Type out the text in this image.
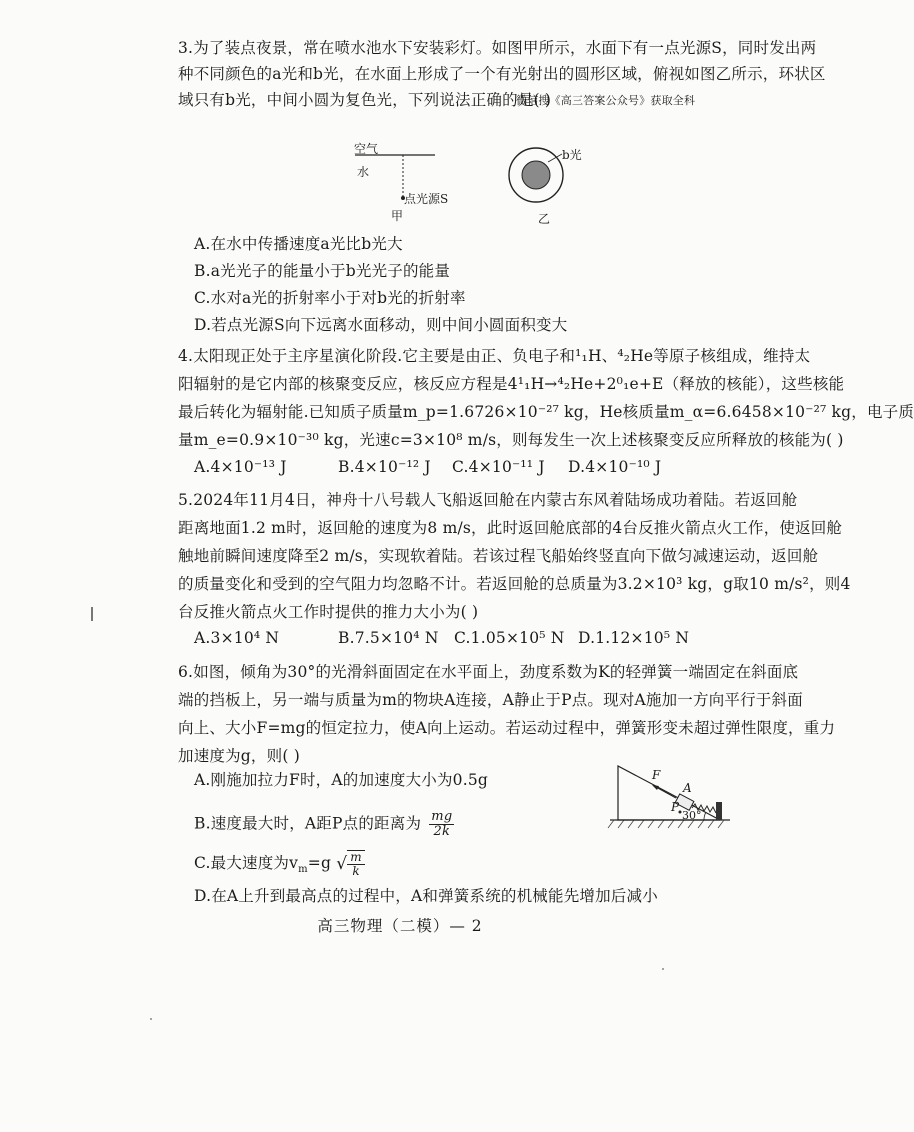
3.为了装点夜景，常在喷水池水下安装彩灯。如图甲所示，水面下有一点光源S，同时发出两
种不同颜色的a光和b光，在水面上形成了一个有光射出的圆形区域，俯视如图乙所示，环状区
域只有b光，中间小圆为复色光，下列说法正确的是( )
微信搜《高三答案公众号》获取全科
空气
水
点光源S
甲
b光
乙
A.在水中传播速度a光比b光大
B.a光光子的能量小于b光光子的能量
C.水对a光的折射率小于对b光的折射率
D.若点光源S向下远离水面移动，则中间小圆面积变大
4.太阳现正处于主序星演化阶段.它主要是由正、负电子和¹₁H、⁴₂He等原子核组成，维持太
阳辐射的是它内部的核聚变反应，核反应方程是4¹₁H→⁴₂He+2⁰₁e+E（释放的核能），这些核能
最后转化为辐射能.已知质子质量m_p=1.6726×10⁻²⁷ kg，He核质量m_α=6.6458×10⁻²⁷ kg，电子质
量m_e=0.9×10⁻³⁰ kg，光速c=3×10⁸ m/s，则每发生一次上述核聚变反应所释放的核能为( )
A.4×10⁻¹³ J	B.4×10⁻¹² J C.4×10⁻¹¹ J D.4×10⁻¹⁰ J
5.2024年11月4日，神舟十八号载人飞船返回舱在内蒙古东风着陆场成功着陆。若返回舱
距离地面1.2 m时，返回舱的速度为8 m/s，此时返回舱底部的4台反推火箭点火工作，使返回舱
触地前瞬间速度降至2 m/s，实现软着陆。若该过程飞船始终竖直向下做匀减速运动，返回舱
的质量变化和受到的空气阻力均忽略不计。若返回舱的总质量为3.2×10³ kg，g取10 m/s²，则4
台反推火箭点火工作时提供的推力大小为( )
A.3×10⁴ N	B.7.5×10⁴ N C.1.05×10⁵ N D.1.12×10⁵ N
6.如图，倾角为30°的光滑斜面固定在水平面上，劲度系数为K的轻弹簧一端固定在斜面底
端的挡板上，另一端与质量为m的物块A连接，A静止于P点。现对A施加一方向平行于斜面
向上、大小F=mg的恒定拉力，使A向上运动。若运动过程中，弹簧形变未超过弹性限度，重力
加速度为g，则( )
A.刚施加拉力F时，A的加速度大小为0.5g
B.速度最大时，A距P点的距离为 $\frac{mg}{2k}$
C.最大速度为$v_m=g$ √ $\frac{m}{k}$
D.在A上升到最高点的过程中，A和弹簧系统的机械能先增加后减小
F
A
P
30°
高三物理（二模）— 2
